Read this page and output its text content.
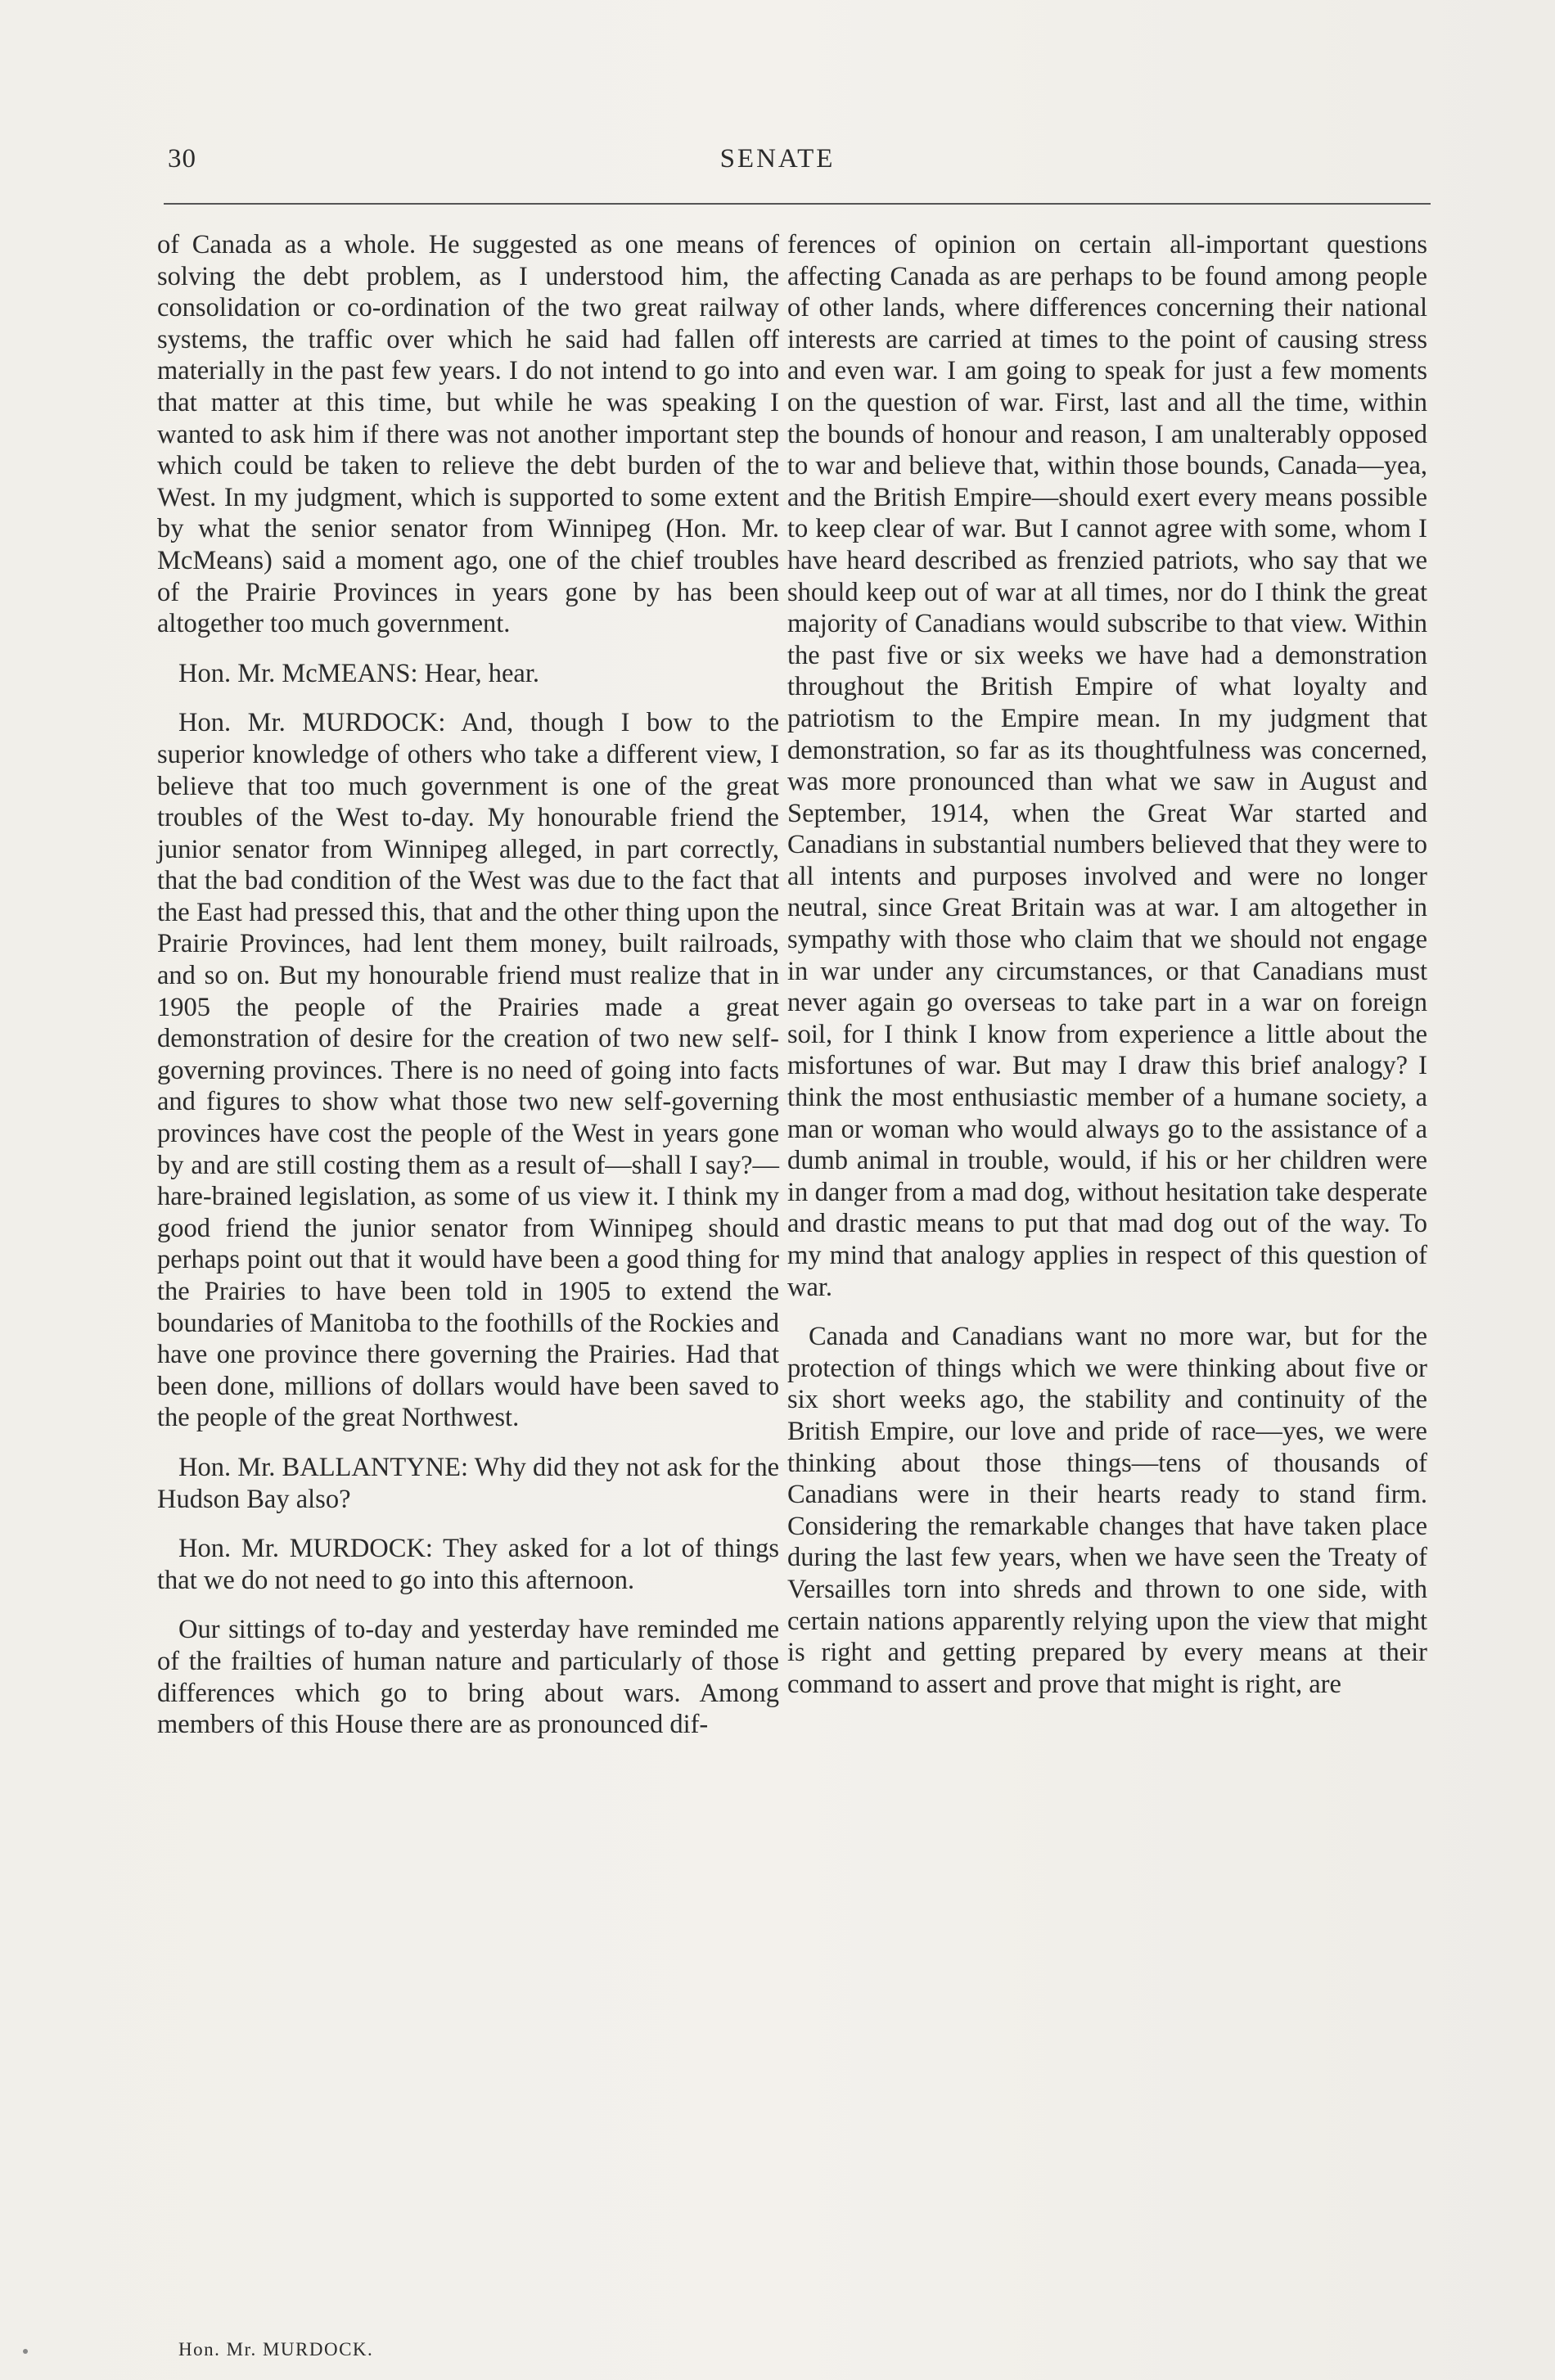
30	SENATE

of Canada as a whole. He suggested as one means of solving the debt problem, as I understood him, the consolidation or co-ordination of the two great railway systems, the traffic over which he said had fallen off materially in the past few years. I do not intend to go into that matter at this time, but while he was speaking I wanted to ask him if there was not another important step which could be taken to relieve the debt burden of the West. In my judgment, which is supported to some extent by what the senior senator from Winnipeg (Hon. Mr. McMeans) said a moment ago, one of the chief troubles of the Prairie Provinces in years gone by has been altogether too much government.

Hon. Mr. McMEANS: Hear, hear.

Hon. Mr. MURDOCK: And, though I bow to the superior knowledge of others who take a different view, I believe that too much government is one of the great troubles of the West to-day. My honourable friend the junior senator from Winnipeg alleged, in part correctly, that the bad condition of the West was due to the fact that the East had pressed this, that and the other thing upon the Prairie Provinces, had lent them money, built railroads, and so on. But my honourable friend must realize that in 1905 the people of the Prairies made a great demonstration of desire for the creation of two new self-governing provinces. There is no need of going into facts and figures to show what those two new self-governing provinces have cost the people of the West in years gone by and are still costing them as a result of—shall I say?—hare-brained legislation, as some of us view it. I think my good friend the junior senator from Winnipeg should perhaps point out that it would have been a good thing for the Prairies to have been told in 1905 to extend the boundaries of Manitoba to the foothills of the Rockies and have one province there governing the Prairies. Had that been done, millions of dollars would have been saved to the people of the great Northwest.

Hon. Mr. BALLANTYNE: Why did they not ask for the Hudson Bay also?

Hon. Mr. MURDOCK: They asked for a lot of things that we do not need to go into this afternoon.

Our sittings of to-day and yesterday have reminded me of the frailties of human nature and particularly of those differences which go to bring about wars. Among members of this House there are as pronounced dif-

ferences of opinion on certain all-important questions affecting Canada as are perhaps to be found among people of other lands, where differences concerning their national interests are carried at times to the point of causing stress and even war. I am going to speak for just a few moments on the question of war. First, last and all the time, within the bounds of honour and reason, I am unalterably opposed to war and believe that, within those bounds, Canada—yea, and the British Empire—should exert every means possible to keep clear of war. But I cannot agree with some, whom I have heard described as frenzied patriots, who say that we should keep out of war at all times, nor do I think the great majority of Canadians would subscribe to that view. Within the past five or six weeks we have had a demonstration throughout the British Empire of what loyalty and patriotism to the Empire mean. In my judgment that demonstration, so far as its thoughtfulness was concerned, was more pronounced than what we saw in August and September, 1914, when the Great War started and Canadians in substantial numbers believed that they were to all intents and purposes involved and were no longer neutral, since Great Britain was at war. I am altogether in sympathy with those who claim that we should not engage in war under any circumstances, or that Canadians must never again go overseas to take part in a war on foreign soil, for I think I know from experience a little about the misfortunes of war. But may I draw this brief analogy? I think the most enthusiastic member of a humane society, a man or woman who would always go to the assistance of a dumb animal in trouble, would, if his or her children were in danger from a mad dog, without hesitation take desperate and drastic means to put that mad dog out of the way. To my mind that analogy applies in respect of this question of war.

Canada and Canadians want no more war, but for the protection of things which we were thinking about five or six short weeks ago, the stability and continuity of the British Empire, our love and pride of race—yes, we were thinking about those things—tens of thousands of Canadians were in their hearts ready to stand firm. Considering the remarkable changes that have taken place during the last few years, when we have seen the Treaty of Versailles torn into shreds and thrown to one side, with certain nations apparently relying upon the view that might is right and getting prepared by every means at their command to assert and prove that might is right, are

Hon. Mr. MURDOCK.
